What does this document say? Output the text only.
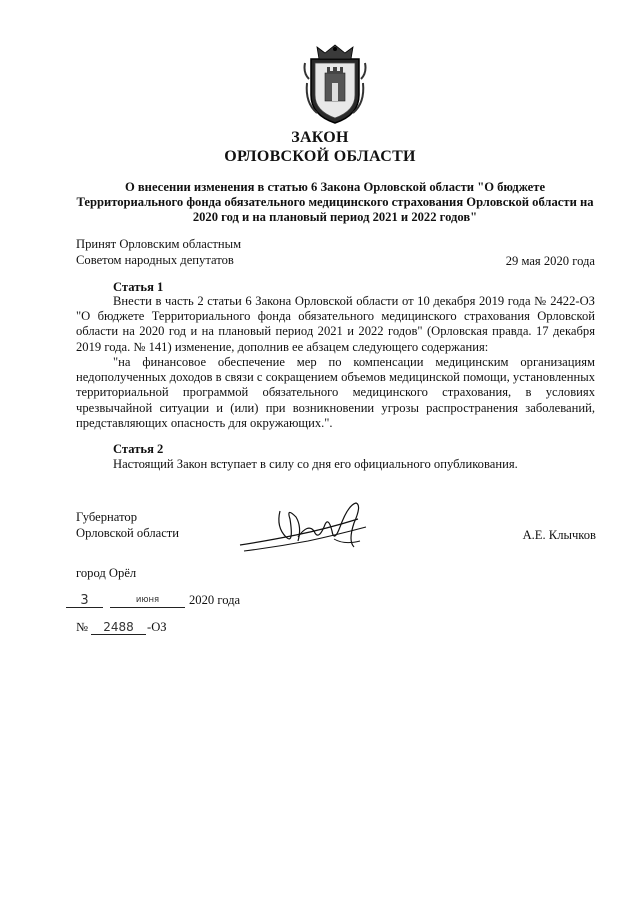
ЗАКОН
ОРЛОВСКОЙ ОБЛАСТИ
О внесении изменения в статью 6 Закона Орловской области "О бюджете Территориального фонда обязательного медицинского страхования Орловской области на 2020 год и на плановый период 2021 и 2022 годов"
Принят Орловским областным
Советом народных депутатов	29 мая 2020 года
Статья 1

Внести в часть 2 статьи 6 Закона Орловской области от 10 декабря 2019 года № 2422-ОЗ "О бюджете Территориального фонда обязательного медицинского страхования Орловской области на 2020 год и на плановый период 2021 и 2022 годов" (Орловская правда. 17 декабря 2019 года. № 141) изменение, дополнив ее абзацем следующего содержания:

"на финансовое обеспечение мер по компенсации медицинским организациям недополученных доходов в связи с сокращением объемов медицинской помощи, установленных территориальной программой обязательного медицинского страхования, в условиях чрезвычайной ситуации и (или) при возникновении угрозы распространения заболеваний, представляющих опасность для окружающих.".

Статья 2

Настоящий Закон вступает в силу со дня его официального опубликования.

Губернатор
Орловской области	А.Е. Клычков
город Орёл
3	июня	2020 года
№	2488	-ОЗ
